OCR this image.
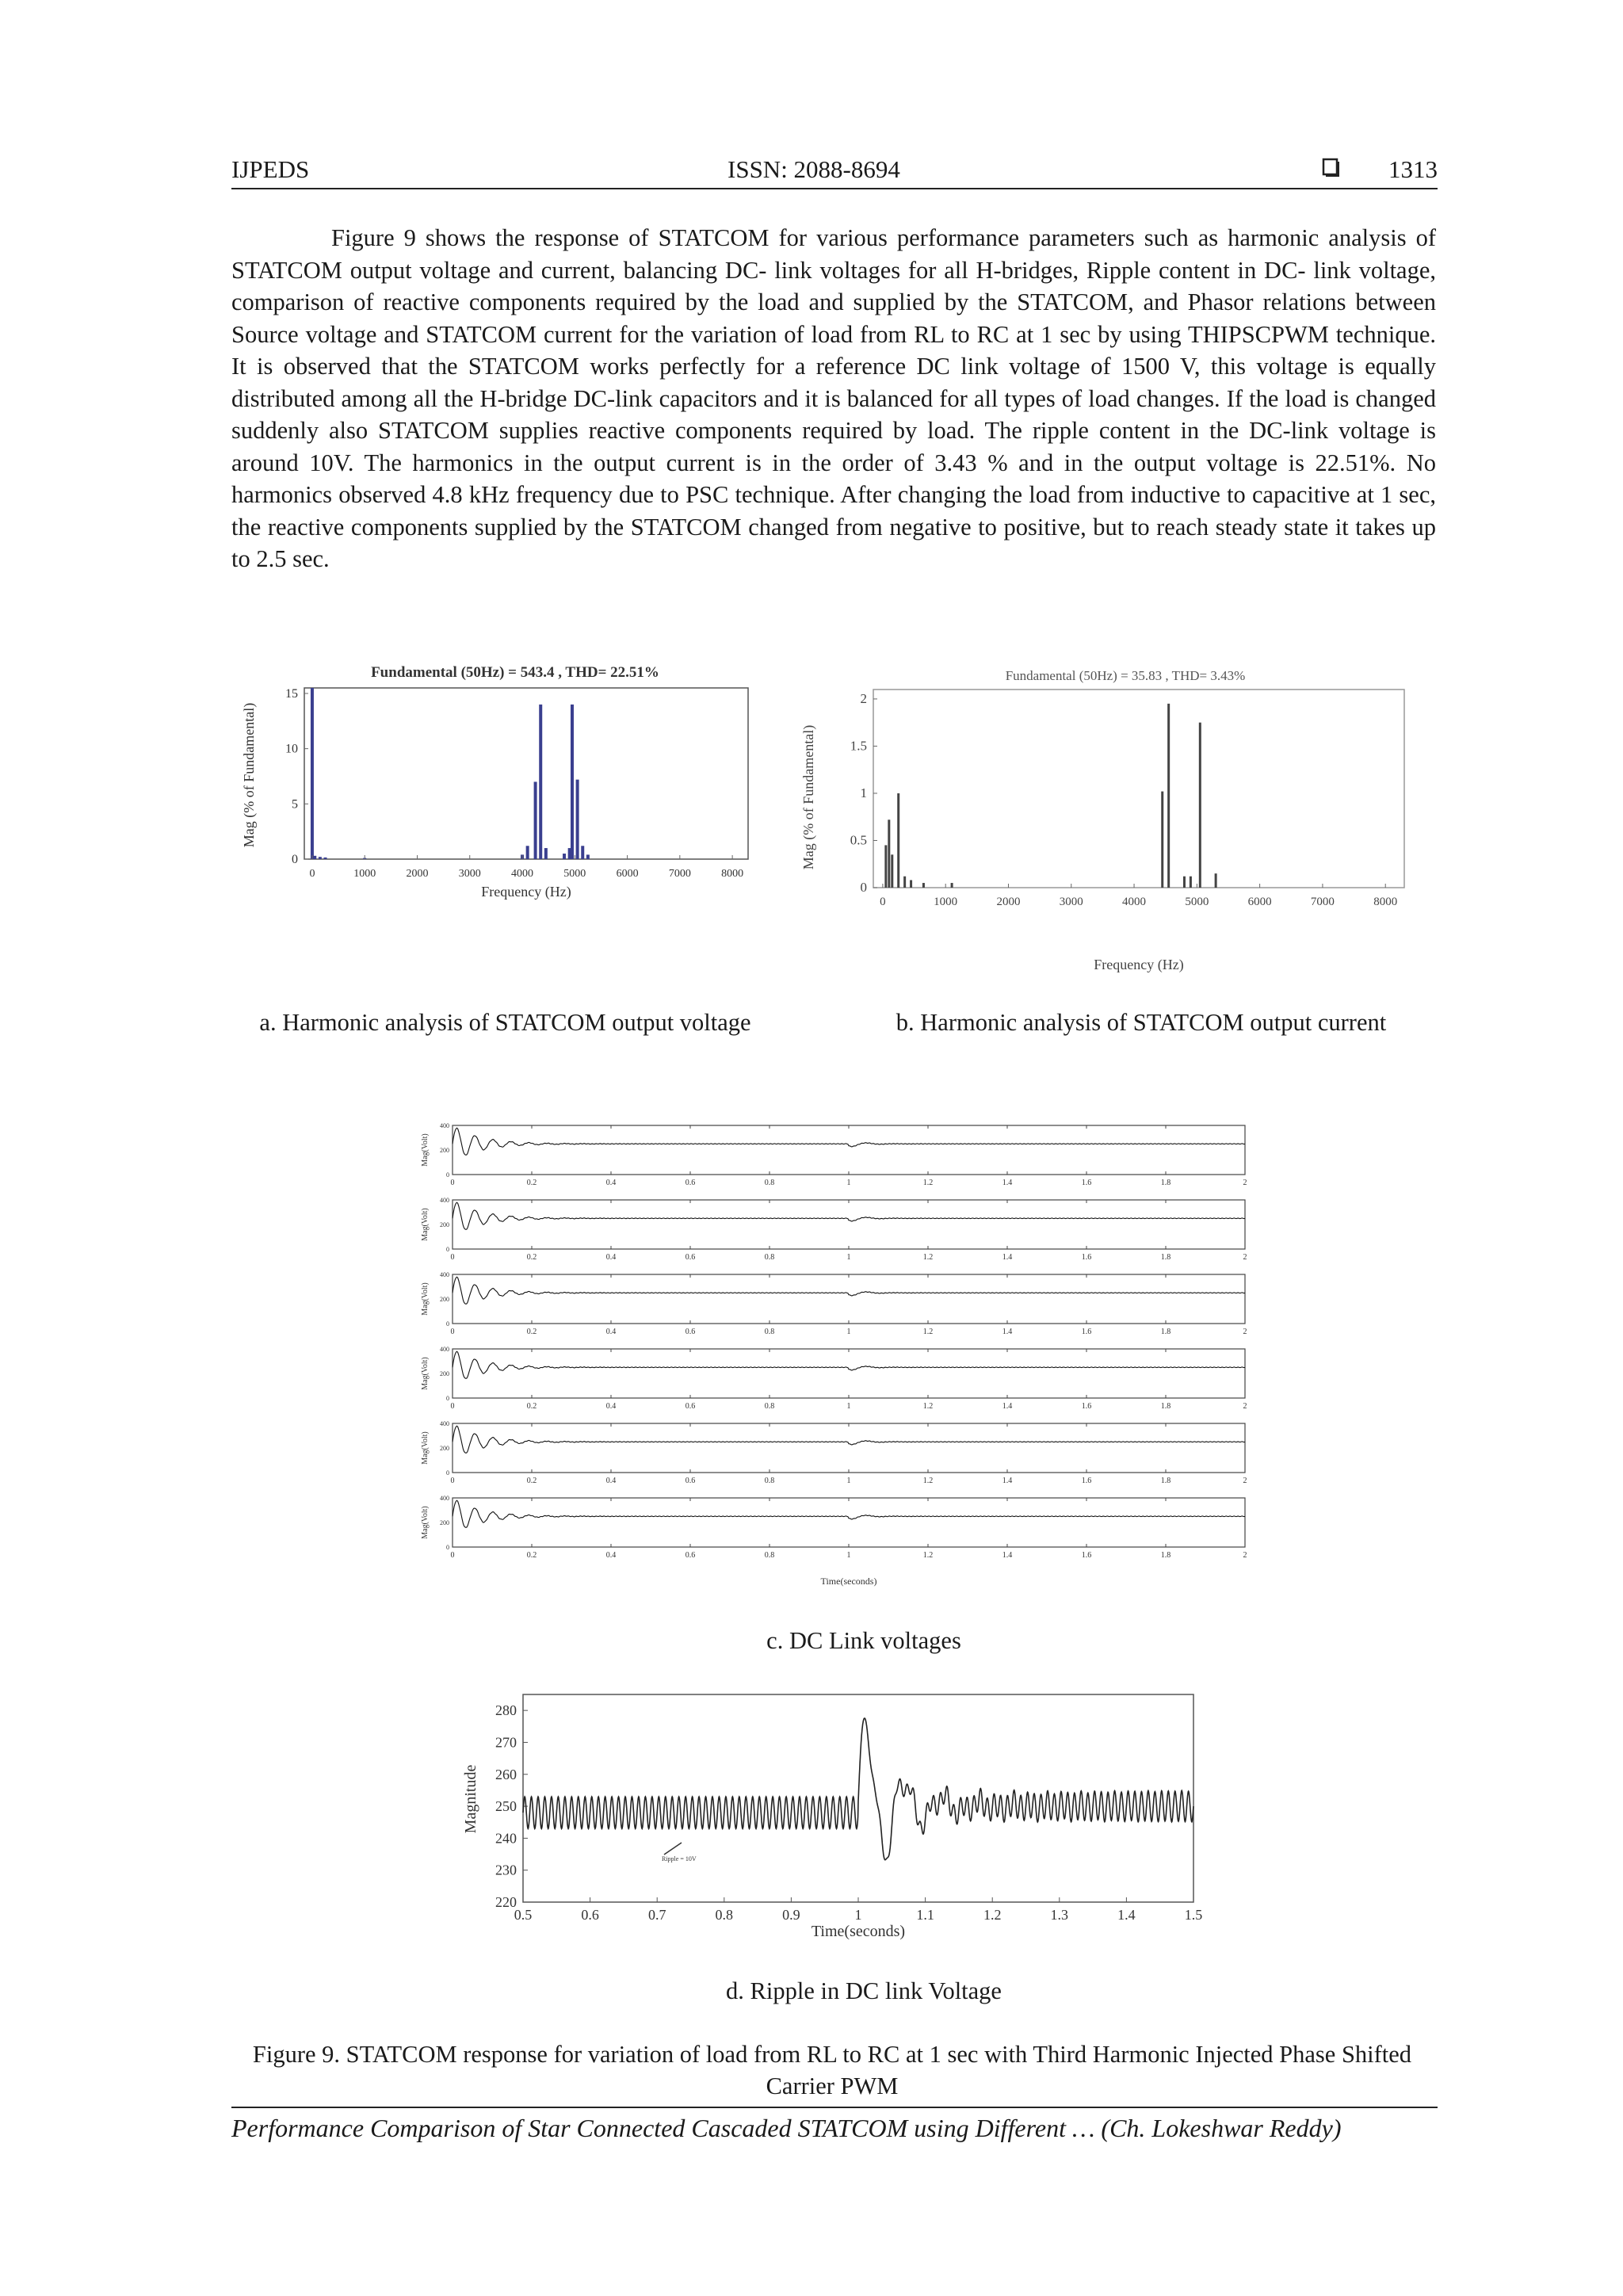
IJPEDS	ISSN: 2088-8694	1313

Figure 9 shows the response of STATCOM for various performance parameters such as harmonic analysis of STATCOM output voltage and current, balancing DC- link voltages for all H-bridges, Ripple content in DC- link voltage, comparison of reactive components required by the load and supplied by the STATCOM, and Phasor relations between Source voltage and STATCOM current for the variation of load from RL to RC at 1 sec by using THIPSCPWM technique. It is observed that the STATCOM works perfectly for a reference DC link voltage of 1500 V, this voltage is equally distributed among all the H-bridge DC-link capacitors and it is balanced for all types of load changes. If the load is changed suddenly also STATCOM supplies reactive components required by load. The ripple content in the DC-link voltage is around 10V. The harmonics in the output current is in the order of 3.43 % and in the output voltage is 22.51%. No harmonics observed 4.8 kHz frequency due to PSC technique. After changing the load from inductive to capacitive at 1 sec, the reactive components supplied by the STATCOM changed from negative to positive, but to reach steady state it takes up to 2.5 sec.

Fundamental (50Hz) = 543.4 , THD= 22.51%
0	1000	2000	3000	4000	5000	6000	7000	8000
0
5
10
15
Frequency (Hz)
Mag (% of Fundamental)
Fundamental (50Hz) = 35.83 , THD= 3.43%
0	1000	2000	3000	4000	5000	6000	7000	8000
0
0.5
1
1.5
2
Frequency (Hz)
Mag (% of Fundamental)
a. Harmonic analysis of STATCOM output voltage	b. Harmonic analysis of STATCOM output current
0
200
400
Mag(Volt)
0	0.2	0.4	0.6	0.8	1	1.2	1.4	1.6	1.8	2
0
200
400
Mag(Volt)
0	0.2	0.4	0.6	0.8	1	1.2	1.4	1.6	1.8	2
0
200
400
Mag(Volt)
0	0.2	0.4	0.6	0.8	1	1.2	1.4	1.6	1.8	2
0
200
400
Mag(Volt)
0	0.2	0.4	0.6	0.8	1	1.2	1.4	1.6	1.8	2
0
200
400
Mag(Volt)
0	0.2	0.4	0.6	0.8	1	1.2	1.4	1.6	1.8	2
0
200
400
Mag(Volt)
0	0.2	0.4	0.6	0.8	1	1.2	1.4	1.6	1.8	2
Time(seconds)
c. DC Link voltages
0.5	0.6	0.7	0.8	0.9	1	1.1	1.2	1.3	1.4	1.5
220
230
240
250
260
270
280
Ripple = 10V
Time(seconds)
Magnitude
d. Ripple in DC link Voltage
Figure 9. STATCOM response for variation of load from RL to RC at 1 sec with Third Harmonic Injected Phase Shifted Carrier PWM
Performance Comparison of Star Connected Cascaded STATCOM using Different … (Ch. Lokeshwar Reddy)
